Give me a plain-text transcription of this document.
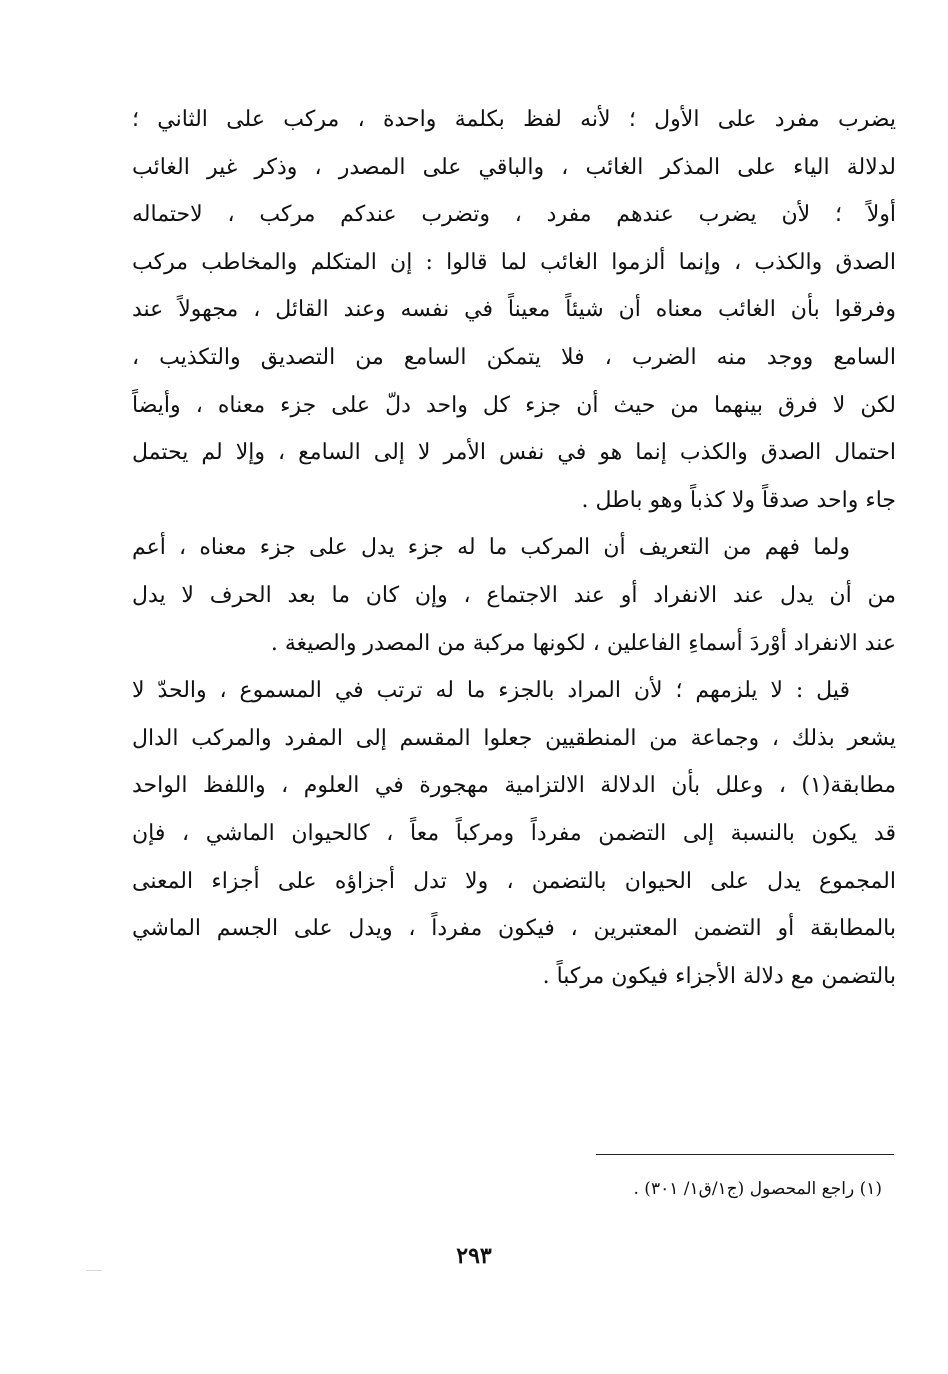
يضرب مفرد على الأول ؛ لأنه لفظ بكلمة واحدة ، مركب على الثاني ؛
لدلالة الياء على المذكر الغائب ، والباقي على المصدر ، وذكر غير الغائب
أولاً ؛ لأن يضرب عندهم مفرد ، وتضرب عندكم مركب ، لاحتماله
الصدق والكذب ، وإنما ألزموا الغائب لما قالوا : إن المتكلم والمخاطب مركب
وفرقوا بأن الغائب معناه أن شيئاً معيناً في نفسه وعند القائل ، مجهولاً عند
السامع ووجد منه الضرب ، فلا يتمكن السامع من التصديق والتكذيب ،
لكن لا فرق بينهما من حيث أن جزء كل واحد دلّ على جزء معناه ، وأيضاً
احتمال الصدق والكذب إنما هو في نفس الأمر لا إلى السامع ، وإلا لم يحتمل
جاء واحد صدقاً ولا كذباً وهو باطل .
ولما فهم من التعريف أن المركب ما له جزء يدل على جزء معناه ، أعم
من أن يدل عند الانفراد أو عند الاجتماع ، وإن كان ما بعد الحرف لا يدل
عند الانفراد أوْردَ أسماءِ الفاعلين ، لكونها مركبة من المصدر والصيغة .
قيل : لا يلزمهم ؛ لأن المراد بالجزء ما له ترتب في المسموع ، والحدّ لا
يشعر بذلك ، وجماعة من المنطقيين جعلوا المقسم إلى المفرد والمركب الدال
مطابقة(١) ، وعلل بأن الدلالة الالتزامية مهجورة في العلوم ، واللفظ الواحد
قد يكون بالنسبة إلى التضمن مفرداً ومركباً معاً ، كالحيوان الماشي ، فإن
المجموع يدل على الحيوان بالتضمن ، ولا تدل أجزاؤه على أجزاء المعنى
بالمطابقة أو التضمن المعتبرين ، فيكون مفرداً ، ويدل على الجسم الماشي
بالتضمن مع دلالة الأجزاء فيكون مركباً .
(١) راجع المحصول (ج١/ق١/ ٣٠١) .
٢٩٣
